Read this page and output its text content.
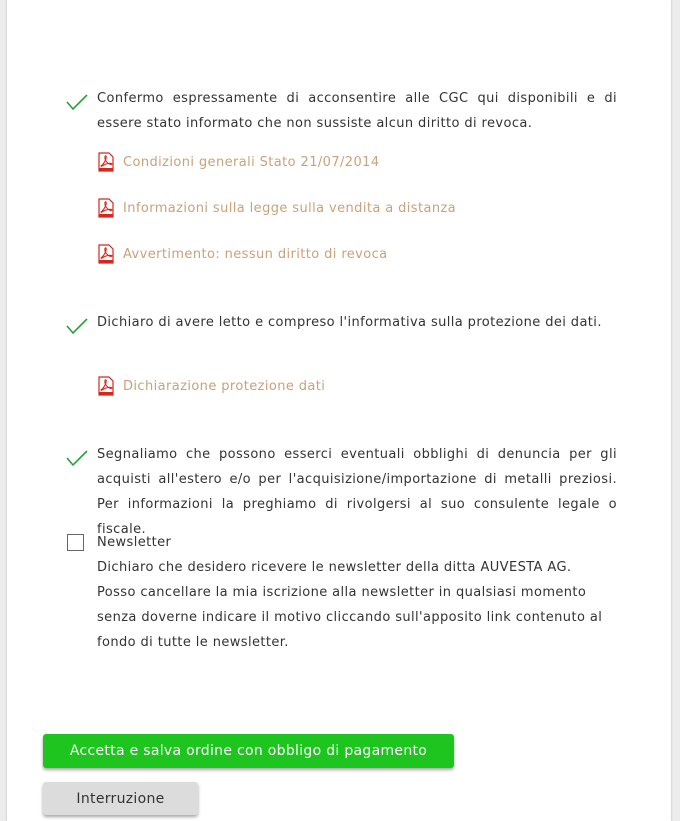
Confermo espressamente di acconsentire alle CGC qui disponibili e di essere stato informato che non sussiste alcun diritto di revoca.
Condizioni generali Stato 21/07/2014
Informazioni sulla legge sulla vendita a distanza
Avvertimento: nessun diritto di revoca
Dichiaro di avere letto e compreso l'informativa sulla protezione dei dati.
Dichiarazione protezione dati
Segnaliamo che possono esserci eventuali obblighi di denuncia per gli acquisti all'estero e/o per l'acquisizione/importazione di metalli preziosi. Per informazioni la preghiamo di rivolgersi al suo consulente legale o fiscale.
Newsletter
Dichiaro che desidero ricevere le newsletter della ditta AUVESTA AG. Posso cancellare la mia iscrizione alla newsletter in qualsiasi momento senza doverne indicare il motivo cliccando sull'apposito link contenuto al fondo di tutte le newsletter.
Accetta e salva ordine con obbligo di pagamento
Interruzione
